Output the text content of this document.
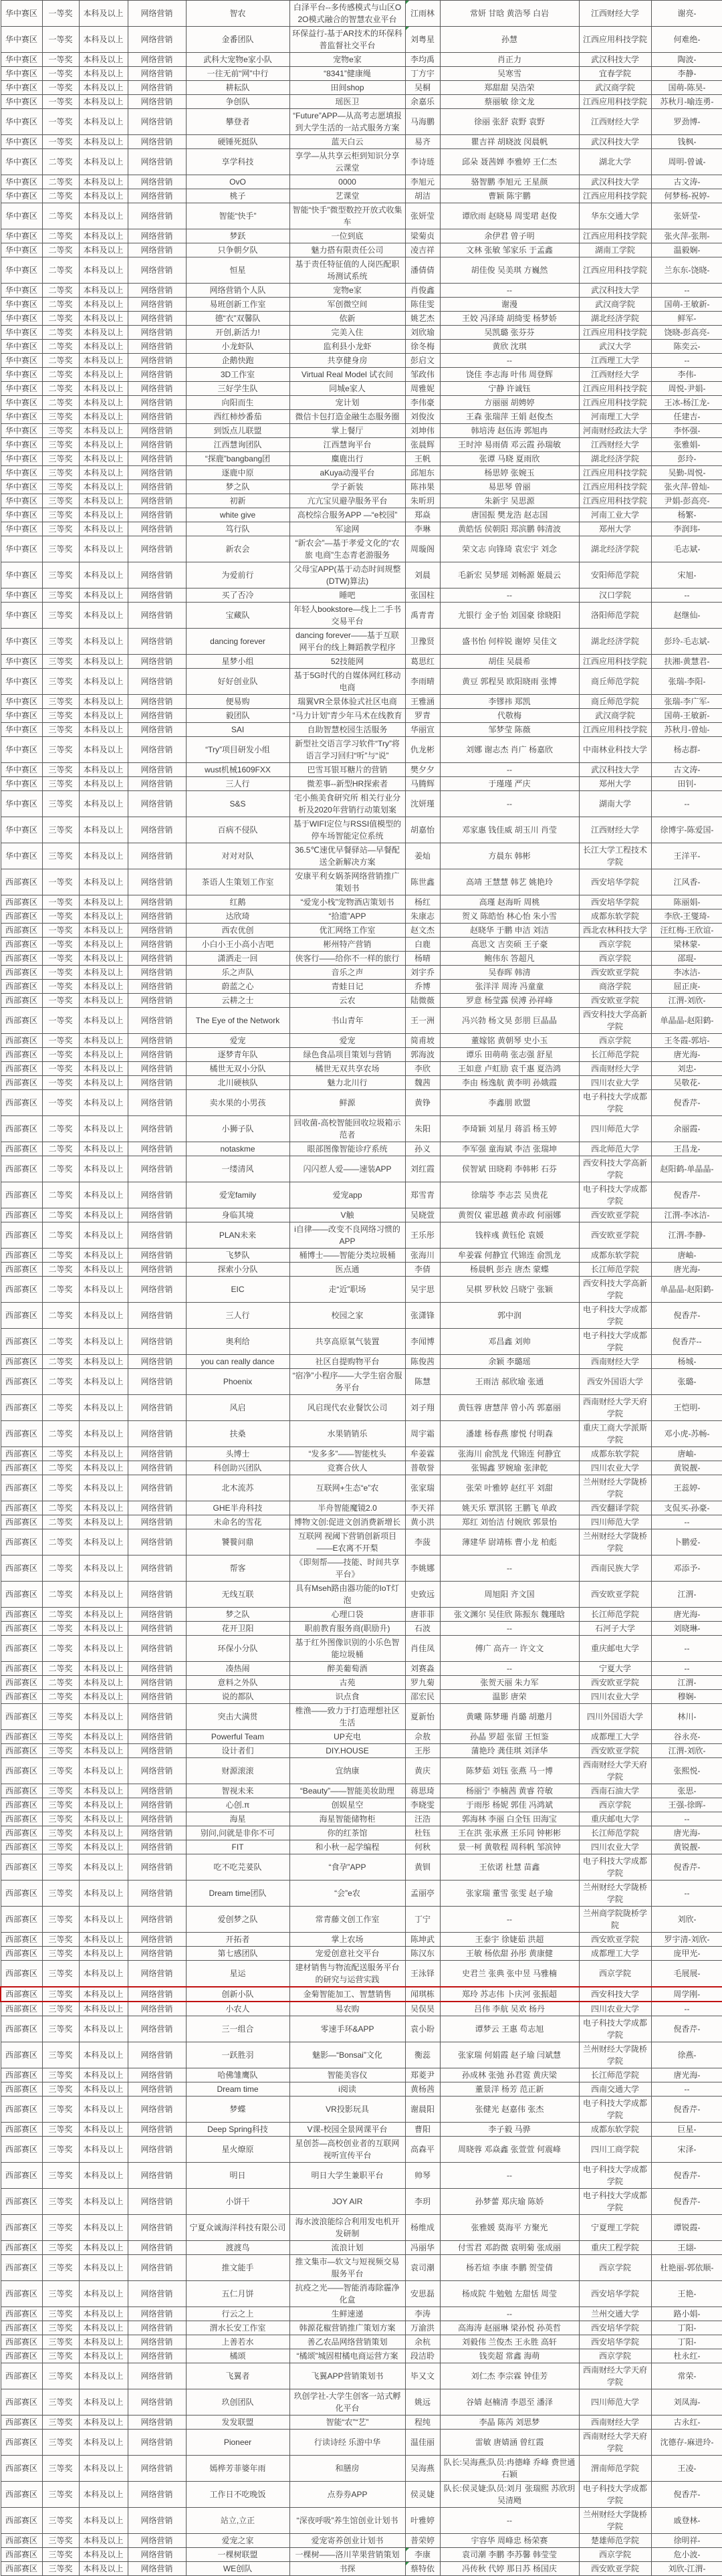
华中赛区	一等奖	本科及以上	网络营销	智农	白泽平台--多传感模式与山区O2O模式融合的智慧农业平台	江雨林	常妍 甘晗 黄浩琴 白岩	江西财经大学	谢亮-
华中赛区	一等奖	本科及以上	网络营销	金番团队	环保益行-基于AR技术的环保科普监督社交平台	刘粤星	孙慧	江西应用科技学院	何难绝-
华中赛区	一等奖	本科及以上	网络营销	武科大宠物e家小队	宠物e家	李均禹	肖正力	武汉科技大学	陶波-
华中赛区	一等奖	本科及以上	网络营销	一往无前“网”中行	“8341”健康绳	丁方宇	吴寒雪	宜春学院	李静-
华中赛区	一等奖	本科及以上	网络营销	耕耘队	田间shop	吴桐	郑甜甜 吴浩荣	武汉商学院	国萌-陈昊-
华中赛区	一等奖	本科及以上	网络营销	争创队	瑶医卫	余嘉乐	蔡丽敏 徐文龙	江西应用科技学院	苏秋月-喻连勇-
华中赛区	一等奖	本科及以上	网络营销	攀登者	“Future”APP—从高考志愿填报到大学生活的一站式服务方案	马海鹏	徐丽 张舒 袁野 袁野	江西财经大学	罗劲博-
华中赛区	一等奖	本科及以上	网络营销	硬锤死挺队	蓝天白云	易齐	瞿吉祥 胡晓波 闵晨帆	武汉科技大学	钱枫-
华中赛区	二等奖	本科及以上	网络营销	享学科技	享学—从共享云柜到知识分享云课堂	李诗琏	邱朵 聂茜婵 李雅婷 王仁杰	湖北大学	周明-曾诚-
华中赛区	二等奖	本科及以上	网络营销	OvO	0000	李旭元	骆智鹏 李旭元 王星颜	武汉科技大学	古文涛-
华中赛区	二等奖	本科及以上	网络营销	桃子	艺课堂	胡洁	曹颖 陈宇鹏	江西应用科技学院	何梦杨-祝婷-
华中赛区	二等奖	本科及以上	网络营销	智能“快手”	智能“快手”微型数控开放式收集车	张妍莹	谭欣雨 赵晓易 周雯珺 赵俊	华东交通大学	张妍莹-
华中赛区	二等奖	本科及以上	网络营销	梦跃	一位到底	梁菊贞	余伊君 曾子明	江西应用科技学院	张火萍-张荆-
华中赛区	二等奖	本科及以上	网络营销	只争朝夕队	魅力搭有限责任公司	凌吉祥	文林 张敏 邹家乐 于孟鑫	湖南工学院	温毅娴-
华中赛区	二等奖	本科及以上	网络营销	恒星	基于责任特征值的人岗匹配职场测试系统	潘倩倩	胡佳俊 吴美琪 方巍然	江西应用科技学院	兰东东-饶晓-
华中赛区	二等奖	本科及以上	网络营销	网络营销个人队	宠物e家	肖俊鑫	--	武汉科技大学	--
华中赛区	二等奖	本科及以上	网络营销	易班创新工作室	军创微空间	陈佳雯	谢漫	武汉商学院	国萌-王敏新-
华中赛区	二等奖	本科及以上	网络营销	德“衣”双馨队	依新	姚艺杰	王姣 冯泽琦 胡绮雯 杨梦娇	湖北经济学院	鲜军-
华中赛区	二等奖	本科及以上	网络营销	开创,新活力!	完美入住	刘欣瑜	吴凯璐 张芬芬	江西应用科技学院	饶晓-彭高亮-
华中赛区	二等奖	本科及以上	网络营销	小龙虾队	监利县小龙虾	徐冬梅	黄欣 沈琪	武汉大学	陈奕云-
华中赛区	二等奖	本科及以上	网络营销	企鹅快跑	共享健身房	彭启文	--	江西理工大学	--
华中赛区	二等奖	本科及以上	网络营销	3D工作室	Virtual Real Model 试衣间	邹政伟	饶佳 李志海 叶伟 周登辉	江西财经大学	李伟-
华中赛区	二等奖	本科及以上	网络营销	三好学生队	同城e家人	周雅妮	宁静 许诚钰	江西应用科技学院	周悦-尹娟-
华中赛区	二等奖	本科及以上	网络营销	向阳而生	宠计划	李伟豪	方丽丽 胡娉婷	江西应用科技学院	王冰-杨江龙-
华中赛区	三等奖	本科及以上	网络营销	西红柿炒番茄	微信卡包打造金融生态服务圈	刘俊汝	王森 张瑞萍 王娟 赵俊杰	河南理工大学	任建吉-
华中赛区	三等奖	本科及以上	网络营销	到饭点儿联盟	掌上餐厅	刘坤伟	韩培涛 赵伍涛 郭旭冉	河南财经政法大学	李怀强-
华中赛区	三等奖	本科及以上	网络营销	江西慧询团队	江西慧询平台	张晨辉	王时沖 易雨倩 邓云霞 孙瑞敏	江西财经大学	张雅娟-
华中赛区	三等奖	本科及以上	网络营销	“探鹿”bangbang团	麋鹿出行	王帆	张谭 马晓 夏雨欣	湖北经济学院	彭玲-
华中赛区	三等奖	本科及以上	网络营销	逐鹿中原	aKuya动漫平台	邱旭东	杨思婷 张婉玉	江西应用科技学院	吴勤-周悦-
华中赛区	三等奖	本科及以上	网络营销	梦之队	学子新装	陈祎果	易思琴 曾丽	江西应用科技学院	张火萍-曾灿-
华中赛区	三等奖	本科及以上	网络营销	初新	亢亢宝贝避孕服务平台	朱昕玥	朱新宇 吴思源	江西应用科技学院	尹娟-彭高亮-
华中赛区	三等奖	本科及以上	网络营销	white give	高校综合服务APP —“e校园”	郑焱	唐国振 樊龙浩 赵志国	河南工业大学	杨繁-
华中赛区	三等奖	本科及以上	网络营销	笃行队	军途网	李琳	黄皓恬 侯朝阳 郑滨鹏 韩清波	郑州大学	李润玮-
华中赛区	三等奖	本科及以上	网络营销	新农会	“新农会”—基于孝爱文化的“农 旅 电商”生态青老游服务	周璇阁	荣文志 向锋琦 袁宏宇 刘念	湖北经济学院	毛志斌-
华中赛区	三等奖	本科及以上	网络营销	为爱前行	父母宝APP(基于动态时间规整(DTW)算法)	刘晨	毛新宏 吴梦瑶 刘畅源 姬晨云	安阳师范学院	宋旭-
华中赛区	三等奖	本科及以上	网络营销	买了否冷	睡吧	张国柱	--	汉口学院	--
华中赛区	三等奖	本科及以上	网络营销	宝藏队	年轻人bookstore—线上二手书交易平台	禹青青	尤银行 金子怡 刘国豪 徐晓阳	洛阳师范学院	赵继仙-
华中赛区	三等奖	本科及以上	网络营销	dancing forever	dancing forever——基于互联网平台的线上舞蹈教学程序	卫豫贤	盛书怡 何梓锐 谢婷 吴佳文	湖北经济学院	彭玲-毛志斌-
华中赛区	三等奖	本科及以上	网络营销	星梦小组	52技能网	葛思红	胡佳 吴晨希	江西应用科技学院	扶湘-黄慧君-
华中赛区	三等奖	本科及以上	网络营销	好好创业队	基于5G时代的自媒体网红移动电商	李雨晴	黄豆 郭程昊 欧阳晓雨 张博	商丘师范学院	张瑞-李阳-
华中赛区	三等奖	本科及以上	网络营销	便易购	瑞翼VR全景体验式社区电商	王雅涵	李镠祎 郑凯	商丘师范学院	张瑞-李广军-
华中赛区	三等奖	本科及以上	网络营销	毅团队	“马力计划”青少年马术在线教育	罗青	代敬梅	武汉商学院	国萌-王敏新-
华中赛区	三等奖	本科及以上	网络营销	SAI	自助智慧校园生活服务	华丽宣	邹梦莹 陈薇	江西应用科技学院	苏秋月-曾灿-
华中赛区	三等奖	本科及以上	网络营销	“Try”项目研发小组	新型社交语言学习软件“Try”将语言学习回归“听”与“说”	仇龙彬	刘娜 谢志杰 肖广 杨嘉欣	中南林业科技大学	杨志群-
华中赛区	三等奖	本科及以上	网络营销	wust机械1609FXX	巴雪耳银耳糖片的营销	樊夕夕	--	武汉科技大学	古文涛-
华中赛区	三等奖	本科及以上	网络营销	三人行	微差事--新型HR探索者	马腾辉	于瑾瑾 严庆	郑州大学	田钊-
华中赛区	三等奖	本科及以上	网络营销	S&S	宅小熊美食研究所 相关行业分析及2020年营销行动策划案	沈妍瑾	--	湖南大学	--
华中赛区	三等奖	本科及以上	网络营销	百病不侵队	基于WIFI定位与RSSI值模型的停车场智能定位系统	胡嘉怡	邓家惠 钱佳威 胡玉川 肖莹	江西财经大学	徐博宇-陈爱国-
华中赛区	三等奖	本科及以上	网络营销	对对对队	36.5℃速优早餐驿站—早餐配送全新解决方案	姜灿	方晨东 韩彬	长江大学工程技术学院	王洋平-
西部赛区	一等奖	本科及以上	网络营销	茶语人生策划工作室	安康平利女娲茶网络营销推广策划书	陈世鑫	高靖 王慧慧 韩艺 姚艳玲	西安培华学院	江风香-
西部赛区	一等奖	本科及以上	网络营销	红鹅	“爱宠小栈”宠物酒店策划书	杨红	高瑾 赵海昕 周桃	西安培华学院	陈丽娟-
西部赛区	一等奖	本科及以上	网络营销	达欣琦	“拾遗”APP	朱康志	贺义 陈皓怡 林心怡 朱小雪	成都东软学院	李欣-王燮琦-
西部赛区	一等奖	本科及以上	网络营销	西农优创	优汇网络工作室	赵文杰	赵晓华 于鹏 申洁 刘洁	西北农林科技大学	汪红梅-王欣谊-
西部赛区	一等奖	本科及以上	网络营销	小白小王小高小吉吧	彬州特产营销	白鹿	高思文 吉奕硕 王子豪	西京学院	梁林蒙-
西部赛区	一等奖	本科及以上	网络营销	潇洒走一回	侠客行——给你不一样的旅行	杨晴	鲍伟东 答超凡	西京学院	邵琨-
西部赛区	一等奖	本科及以上	网络营销	乐之声队	音乐之声	刘宇乔	吴春晖 韩清	西安欧亚学院	李冰洁-
西部赛区	一等奖	本科及以上	网络营销	蔚蓝之心	青蛙日记	乔博	张洋洋 周涛 冯童童	商洛学院	屈正庚-
西部赛区	一等奖	本科及以上	网络营销	云耕之士	云农	陆微薇	罗意 杨莹露 侯溥 孙祥峰	西安欧亚学院	江渭-刘欣-
西部赛区	一等奖	本科及以上	网络营销	The Eye of the Network	书山青年	王一洲	冯兴勃 杨文昊 彭朋 巨晶晶	西安科技大学高新学院	单晶晶-赵阳鹤-
西部赛区	一等奖	本科及以上	网络营销	爱宠	爱宠	简甫坡	董嫁铭 黄朝琴 史小玉	西京学院	王冬霞-郭培-
西部赛区	一等奖	本科及以上	网络营销	逐梦青年队	绿色食品项目策划与营销	郭海波	谭乐 田萌萌 张志强 舒星	长江师范学院	唐光海-
西部赛区	一等奖	本科及以上	网络营销	橘世无双小分队	橘世无双共享农场	李欣	王如意 卢虹励 袁千惠 夏浩鸿	西南财经大学	刘忠-
西部赛区	一等奖	本科及以上	网络营销	北川硬核队	魅力北川行	魏茜	李由 杨逸航 黄李明 孙娥霞	四川农业大学	吴敬花-
西部赛区	一等奖	本科及以上	网络营销	卖水果的小男孩	鲜源	黄铮	李鑫朋 欧盟	电子科技大学成都学院	倪香芹-
西部赛区	二等奖	本科及以上	网络营销	小狮子队	回收菌-高校智能回收垃圾箱示范者	朱阳	李琦颖 刘星月 蒋滔 杨玉婷	四川师范大学	余丽霞-
西部赛区	二等奖	本科及以上	网络营销	notaskme	眼部图像智能诊疗系统	孙义	李军强 童海斌 李洁 张瑞坤	西北师范大学	王昌龙-
西部赛区	二等奖	本科及以上	网络营销	一缕清风	闪闪惹人爱——速装APP	刘红霞	侯智斌 田晓莉 李韩彬 石芬	西安科技大学高新学院	赵阳鹤-单晶晶-
西部赛区	二等奖	本科及以上	网络营销	爱宠family	爱宠app	郑雪青	徐瑞苓 李志芸 吴贵花	电子科技大学成都学院	倪香芹-
西部赛区	二等奖	本科及以上	网络营销	身临其境	V触	吴晓萱	黄贺仪 霍思越 黄赤政 何丽娜	西安欧亚学院	江渭-李冰洁-
西部赛区	二等奖	本科及以上	网络营销	PLAN未来	i自律——改变不良网络习惯的APP	王乐彤	钱梓彧 黄钰伦 袁媛	西安欧亚学院	江渭-李静-
西部赛区	二等奖	本科及以上	网络营销	飞梦队	桶博士——智能分类垃圾桶	张海川	牟姜霖 何静宜 代锦连 俞凯龙	成都东软学院	唐岫-
西部赛区	二等奖	本科及以上	网络营销	探索小分队	医点通	李倩	杨晨帆 彭垚 唐杰 蒙蝶	长江师范学院	唐光海-
西部赛区	二等奖	本科及以上	网络营销	EIC	走“近”职场	吴宇思	吴棋 罗秋姣 吕晓宁 张颖	西安科技大学高新学院	单晶晶-赵阳鹤-
西部赛区	二等奖	本科及以上	网络营销	三人行	校园之家	张潇锋	郭中润	电子科技大学成都学院	倪香芹-
西部赛区	二等奖	本科及以上	网络营销	奥利给	共享高原氧气装置	李闻博	邓昌鑫 刘帅	电子科技大学成都学院	倪香芹--
西部赛区	二等奖	本科及以上	网络营销	you can really dance	社区自提购物平台	陈俊茜	余颖 李璐瑶	西南财经大学	杨城-
西部赛区	二等奖	本科及以上	网络营销	Phoenix	“宿净”小程序——大学生宿舍服务平台	陈慧	王雨洁 郝欣瑜 张通	西安外国语大学	张璐-
西部赛区	二等奖	本科及以上	网络营销	风启	风启现代农业餐饮公司	刘子翔	黄钰蓉 唐慧萍 曾小芮 郭嘉丽	西南财经大学天府学院	王恺明-
西部赛区	二等奖	本科及以上	网络营销	扶桑	水果销销乐	周宇霜	潘雄 杨春燕 廖悦 付明森	重庆工商大学派斯学院	邓小虎-苏畅-
西部赛区	二等奖	本科及以上	网络营销	头博士	“发多多”——智能枕头	牟姜霖	张海川 俞凯龙 代锦连 何静宜	成都东软学院	唐岫-
西部赛区	二等奖	本科及以上	网络营销	科创助兴团队	竞赛合伙人	普敬誉	张锡鑫 罗婉瑜 张津乾	四川农业大学	黄锐靓-
西部赛区	二等奖	本科及以上	网络营销	北木流苏	互联网+生态“e”农	张家瑞	张荣 叶雅婷 赵红平 刘甜	兰州财经大学陇桥学院	王蕊婷-
西部赛区	二等奖	本科及以上	网络营销	GHE半舟科技	半舟智能魔镜2.0	李天祥	姚天乐 覃淇铭 王鹏飞 单政	西安翻译学院	支侃买-孙豪-
西部赛区	二等奖	本科及以上	网络营销	未命名的雪花	博物文创:促进文创消费新增长	黄小洪	郑红 刘怡洁 付婉欣 郭景怡	四川师范大学	--
西部赛区	二等奖	本科及以上	网络营销	饕餮问鼎	互联网 视阈下营销创新项目——E农离不开梨	李菠	薄建华 尉靖栋 曹小龙 柏彪	兰州财经大学陇桥学院	卜鹏爱-
西部赛区	二等奖	本科及以上	网络营销	帮客	《即刻帮——技能、时间共享平台》	李姚娜	--	西南民族大学	邓添予-
西部赛区	二等奖	本科及以上	网络营销	无线互联	具有Mseh路由器功能的IoT灯泡	史致远	周旭阳 齐文国	西安欧亚学院	江渭-
西部赛区	二等奖	本科及以上	网络营销	梦之队	心理口袋	唐菲菲	张文渊尔 吴佳欣 陈振东 魏瑾晗	长江师范学院	唐光海-
西部赛区	二等奖	本科及以上	网络营销	花开卫阳	职前教育服务商(职励升)	石波	--	石河子大学	刘晓琳-
西部赛区	二等奖	本科及以上	网络营销	环保小分队	基于红外图像识别的小乐色智能垃圾桶	肖佳凤	傅广 高卉一 许文文	重庆邮电大学	--
西部赛区	二等奖	本科及以上	网络营销	凑热闹	醉美葡萄酒	刘赛淼	--	宁夏大学	--
西部赛区	二等奖	本科及以上	网络营销	意料之外队	古苑	罗九菊	张贺天丽 朱力军	西安欧亚学院	江渭-
西部赛区	二等奖	本科及以上	网络营销	说的都队	识点食	邵宏民	温影 唐荣	四川农业大学	穆娴-
西部赛区	三等奖	本科及以上	网络营销	突击大满贯	椎渔——致力于打造理想社区生活	夏新怡	黄曦 陈梦珊 肖璐 胡邀月	四川外国语大学	林川-
西部赛区	三等奖	本科及以上	网络营销	Powerful Team	UP充电	佘敖	孙晶 罗超 张留 王恒鉴	成都理工大学	谷永亮-
西部赛区	三等奖	本科及以上	网络营销	设计者们	DIY.HOUSE	王彤	蒲艳玲 龚佳琪 刘泽华	西安欧亚学院	江渭-刘欣-
西部赛区	三等奖	本科及以上	网络营销	财源滚滚	宜纳康	黄庆	陈梦茹 刘钰 张燕 马一博	西南财经大学天府学院	张熙悦-
西部赛区	三等奖	本科及以上	网络营销	智视未来	“Beauty”——智能美妆助理	蒋思琦	杨丽宁 李楠茜 黄睿 符敏	西南石油大学	张思-
西部赛区	三等奖	本科及以上	网络营销	心创.π	创娱星空	李晓雯	于雨彤 杨妮 郭佳 冯鸿斌	西京学院	王强-徐晖-
西部赛区	三等奖	本科及以上	网络营销	海星	海星智能储物柜	汪浩	郭海林 李丽 白全钰 田海宝	重庆邮电大学	--
西部赛区	三等奖	本科及以上	网络营销	别问,问就是非你不可	你的红茶馆	杜钰	王在洪 张承熹 王乐同 钟彬彬	长江师范学院	唐光海-
西部赛区	三等奖	本科及以上	网络营销	FIT	和小秋一起学编程	何秋	景一柯 黄敬程 周科帆 邹滨钟	四川农业大学	黄锐靓-
西部赛区	三等奖	本科及以上	网络营销	吃不吃芫荽队	“食孕”APP	黄钏	王依诺 杜慧 苗鑫	电子科技大学成都学院	倪香芹-
西部赛区	三等奖	本科及以上	网络营销	Dream time团队	“会”e农	孟丽亭	张家瑞 董雪 张雯 赵子瑜	兰州财经大学陇桥学院	--
西部赛区	三等奖	本科及以上	网络营销	爱创梦之队	常青藤文创工作室	丁宁	--	兰州商学院陇桥学院	刘欣-
西部赛区	三等奖	本科及以上	网络营销	开拓者	掌上农场	陈坤武	王泰宇 徐婕茹 洪超	西安欧亚学院	罗宇清-刘欣-
西部赛区	三等奖	本科及以上	网络营销	第七感团队	宠爱创意社交平台	陈汉东	王敏 杨依甜 孙彤 黄康健	成都理工大学	庞甲光-
西部赛区	三等奖	本科及以上	网络营销	星运	建材销售与物流配送服务平台的研究与运营实践	王泳铎	史君兰 张典 张中昱 马雅楠	西京学院	毛展展-
西部赛区	三等奖	本科及以上	网络营销	创新小队	金菊智能加工、智慧销售	闻琪栋	郑玲 苏志伟 卜庆河 张振超	西安科技大学	周学刚-
西部赛区	三等奖	本科及以上	网络营销	小农人	易农购	吴俣昊	吕伟 李航 吴欢 杨丹	四川农业大学	--
西部赛区	三等奖	本科及以上	网络营销	三一组合	零速手环&APP	袁小盼	谭梦云 王惠 苟志旭	电子科技大学成都学院	倪香芹-
西部赛区	三等奖	本科及以上	网络营销	一跃胜羽	魅影—“Bonsai”文化	衡蕊	张家瑞 何娟霞 赵子瑜 闫斌慧	兰州财经大学陇桥学院	徐燕-
西部赛区	三等奖	本科及以上	网络营销	哈佛雏鹰队	智能美容仪	郑菱尹	孙成林 张弛 孙君霓 黄庆梁	长江师范学院	唐光海-
西部赛区	三等奖	本科及以上	网络营销	Dream time	i阅读	黄杨茜	董景洋 杨芳 范正新	西南交通大学	--
西部赛区	三等奖	本科及以上	网络营销	梦蝶	VR投影玩具	谢晨阳	张健光 赵嘉伟 张杰	电子科技大学成都学院	倪香芹-
西部赛区	三等奖	本科及以上	网络营销	Deep Spring科技	V课-校园全景网课平台	曹阳	李子毅 马骅	成都东软学院	巨星-
西部赛区	三等奖	本科及以上	网络营销	星火燎原	星创荟—高校创业者的互联网视听宣传平台	高森平	周晓蓉 邓焱鑫 张萱萱 何震峰	四川工商学院	宋泽-
西部赛区	三等奖	本科及以上	网络营销	明日	明日大学生兼职平台	帅琴	--	电子科技大学成都学院	倪香芹-
西部赛区	三等奖	本科及以上	网络营销	小饼干	JOY AIR	李玥	孙梦蕾 郑庆瑜 陈娇	电子科技大学成都学院	倪香芹-
西部赛区	三等奖	本科及以上	网络营销	宁夏众诚海洋科技有限公司	海水波浪能综合利用发电机开发研制	杨维成	张雅媛 莫海平 方聚光	宁夏理工学院	谭锐霞-
西部赛区	三等奖	本科及以上	网络营销	渡渡鸟	流浪计划	冯丽华	付雪君 邓韵微 袁明菊 张成丽	重庆工程学院	王翃-
西部赛区	三等奖	本科及以上	网络营销	推文能手	推文集市—软文与短视频交易服务平台	袁司潮	杨若煊 李康 李鹏 贺莹倩	西京学院	杜艳丽-郭依顺-
西部赛区	三等奖	本科及以上	网络营销	五仁月饼	抗疫之光——智能消毒除霾净化盒	安思磊	杨成院 牛勉勉 左甜恬 周莹	西安培华学院	王艳-
西部赛区	三等奖	本科及以上	网络营销	行云之上	生鲜速递	李涛	--	兰州交通大学	路小娟-
西部赛区	三等奖	本科及以上	网络营销	渭水长安工作室	韩源花椒营销推广策划方案	万渝洪	高海涛 赵丽琳 梁孙悦 孙英哲	西安培华学院	丁阳-
西部赛区	三等奖	本科及以上	网络营销	上善若水	善乙农品网络营销策划	余杭	刘毅伟 兰俊杰 王永胜 高轩	西安培华学院	丁阳-
西部赛区	三等奖	本科及以上	网络营销	橘颂	“橘颂”城固柑橘电商运营方案	段洁聆	钱奕超 常鑫 海萌	西京学院	杜永红-
西部赛区	三等奖	本科及以上	网络营销	飞翼者	飞翼APP营销策划书	毕又文	刘仁杰 李宗霖 钟佳芳	西南财经大学天府学院	常荣-
西部赛区	三等奖	本科及以上	网络营销	玖创团队	玖创学社-大学生创客一站式孵化平台	姚远	谷婧 赵楠清 李恩至 潘泽	四川师范大学	刘凤海-
西部赛区	三等奖	本科及以上	网络营销	发发联盟	智能“农”“艺”	程纯	李晶 陈芮 刘思梦	西南财经大学	古永红-
西部赛区	三等奖	本科及以上	网络营销	Pioneer	行读诗经 乐游中华	温佳丽	雷敏 唐婧涵 曾红霞	西南财经大学天府学院	沈德存-麻进玲-
西部赛区	三等奖	本科及以上	网络营销	嫣桦芳菲婆年雨	和膳房	吴海燕	队长:吴海燕;队员:冉德峰 乔峰 费世通 石颖	渭南师范学院	王凌-
西部赛区	三等奖	本科及以上	网络营销	工作日不吃晚饭	点券券APP	侯灵婕	队长:侯灵婕;队员:刘月 张瑞熙 苏欣玥 吴清飏	电子科技大学成都学院	倪香芹-
西部赛区	三等奖	本科及以上	网络营销	站立,立正	“深夜呼吸”养生馆创业计划书	叶雅婷	--	兰州财经大学陇桥学院	戚登林-
西部赛区	三等奖	本科及以上	网络营销	爱宠之家	爱宠寄养创业计划书	普荣婷	宇容华 周峰忠 杨荣赛	楚雄师范学院	徐明祥-
西部赛区	三等奖	本科及以上	网络营销	一棵树联盟	一棵树——洛川苹果营销策划	李康	袁司潮 李鹏 李苏馨 韩莹莹	西京学院	危小波-
西部赛区	三等奖	本科及以上	网络营销	WE创队	书探	蔡特依	冯传秋 代婷 那日苏 杨国庆	西安欧亚学院	刘欣-江渭-
